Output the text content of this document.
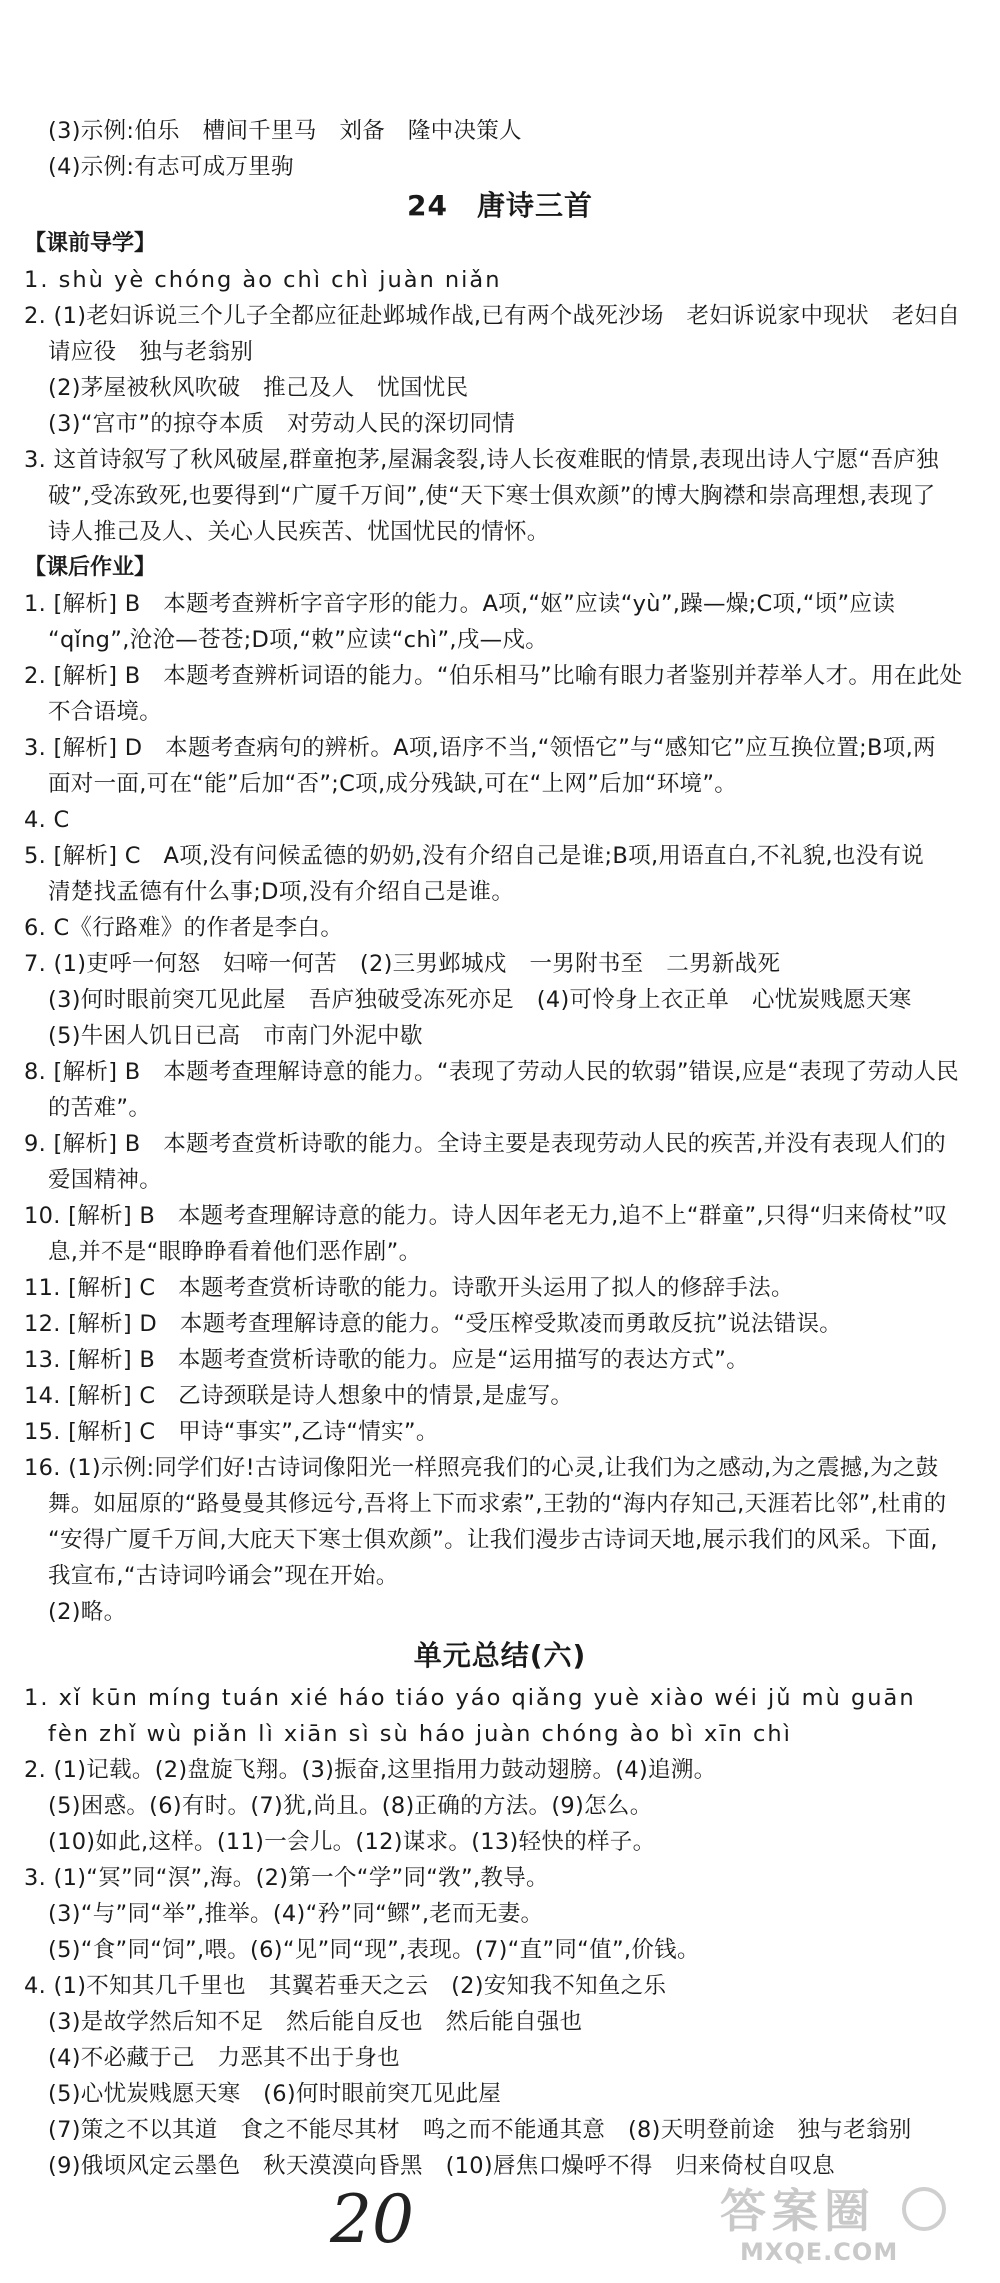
(3)示例:伯乐　槽间千里马　刘备　隆中决策人
(4)示例:有志可成万里驹
24　唐诗三首
【课前导学】
1. shù yè chóng ào chì chì juàn niǎn
2. (1)老妇诉说三个儿子全都应征赴邺城作战,已有两个战死沙场　老妇诉说家中现状　老妇自
请应役　独与老翁别
(2)茅屋被秋风吹破　推己及人　忧国忧民
(3)“宫市”的掠夺本质　对劳动人民的深切同情
3. 这首诗叙写了秋风破屋,群童抱茅,屋漏衾裂,诗人长夜难眠的情景,表现出诗人宁愿“吾庐独
破”,受冻致死,也要得到“广厦千万间”,使“天下寒士俱欢颜”的博大胸襟和崇高理想,表现了
诗人推己及人、关心人民疾苦、忧国忧民的情怀。
【课后作业】
1. [解析] B　本题考查辨析字音字形的能力。A项,“妪”应读“yù”,躁—燥;C项,“顷”应读
“qǐng”,沧沧—苍苍;D项,“敕”应读“chì”,戌—戍。
2. [解析] B　本题考查辨析词语的能力。“伯乐相马”比喻有眼力者鉴别并荐举人才。用在此处
不合语境。
3. [解析] D　本题考查病句的辨析。A项,语序不当,“领悟它”与“感知它”应互换位置;B项,两
面对一面,可在“能”后加“否”;C项,成分残缺,可在“上网”后加“环境”。
4. C
5. [解析] C　A项,没有问候孟德的奶奶,没有介绍自己是谁;B项,用语直白,不礼貌,也没有说
清楚找孟德有什么事;D项,没有介绍自己是谁。
6. C《行路难》的作者是李白。
7. (1)吏呼一何怒　妇啼一何苦　(2)三男邺城戍　一男附书至　二男新战死
(3)何时眼前突兀见此屋　吾庐独破受冻死亦足　(4)可怜身上衣正单　心忧炭贱愿天寒
(5)牛困人饥日已高　市南门外泥中歇
8. [解析] B　本题考查理解诗意的能力。“表现了劳动人民的软弱”错误,应是“表现了劳动人民
的苦难”。
9. [解析] B　本题考查赏析诗歌的能力。全诗主要是表现劳动人民的疾苦,并没有表现人们的
爱国精神。
10. [解析] B　本题考查理解诗意的能力。诗人因年老无力,追不上“群童”,只得“归来倚杖”叹
息,并不是“眼睁睁看着他们恶作剧”。
11. [解析] C　本题考查赏析诗歌的能力。诗歌开头运用了拟人的修辞手法。
12. [解析] D　本题考查理解诗意的能力。“受压榨受欺凌而勇敢反抗”说法错误。
13. [解析] B　本题考查赏析诗歌的能力。应是“运用描写的表达方式”。
14. [解析] C　乙诗颈联是诗人想象中的情景,是虚写。
15. [解析] C　甲诗“事实”,乙诗“情实”。
16. (1)示例:同学们好!古诗词像阳光一样照亮我们的心灵,让我们为之感动,为之震撼,为之鼓
舞。如屈原的“路曼曼其修远兮,吾将上下而求索”,王勃的“海内存知己,天涯若比邻”,杜甫的
“安得广厦千万间,大庇天下寒士俱欢颜”。让我们漫步古诗词天地,展示我们的风采。下面,
我宣布,“古诗词吟诵会”现在开始。
(2)略。
单元总结(六)
1. xǐ kūn míng tuán xié háo tiáo yáo qiǎng yuè xiào wéi jǔ mù guān
fèn zhǐ wù piǎn lì xiān sì sù háo juàn chóng ào bì xīn chì
2. (1)记载。(2)盘旋飞翔。(3)振奋,这里指用力鼓动翅膀。(4)追溯。
(5)困惑。(6)有时。(7)犹,尚且。(8)正确的方法。(9)怎么。
(10)如此,这样。(11)一会儿。(12)谋求。(13)轻快的样子。
3. (1)“冥”同“溟”,海。(2)第一个“学”同“敩”,教导。
(3)“与”同“举”,推举。(4)“矜”同“鳏”,老而无妻。
(5)“食”同“饲”,喂。(6)“见”同“现”,表现。(7)“直”同“值”,价钱。
4. (1)不知其几千里也　其翼若垂天之云　(2)安知我不知鱼之乐
(3)是故学然后知不足　然后能自反也　然后能自强也
(4)不必藏于己　力恶其不出于身也
(5)心忧炭贱愿天寒　(6)何时眼前突兀见此屋
(7)策之不以其道　食之不能尽其材　鸣之而不能通其意　(8)天明登前途　独与老翁别
(9)俄顷风定云墨色　秋天漠漠向昏黑　(10)唇焦口燥呼不得　归来倚杖自叹息
20	答案圈
MXQE.COM
